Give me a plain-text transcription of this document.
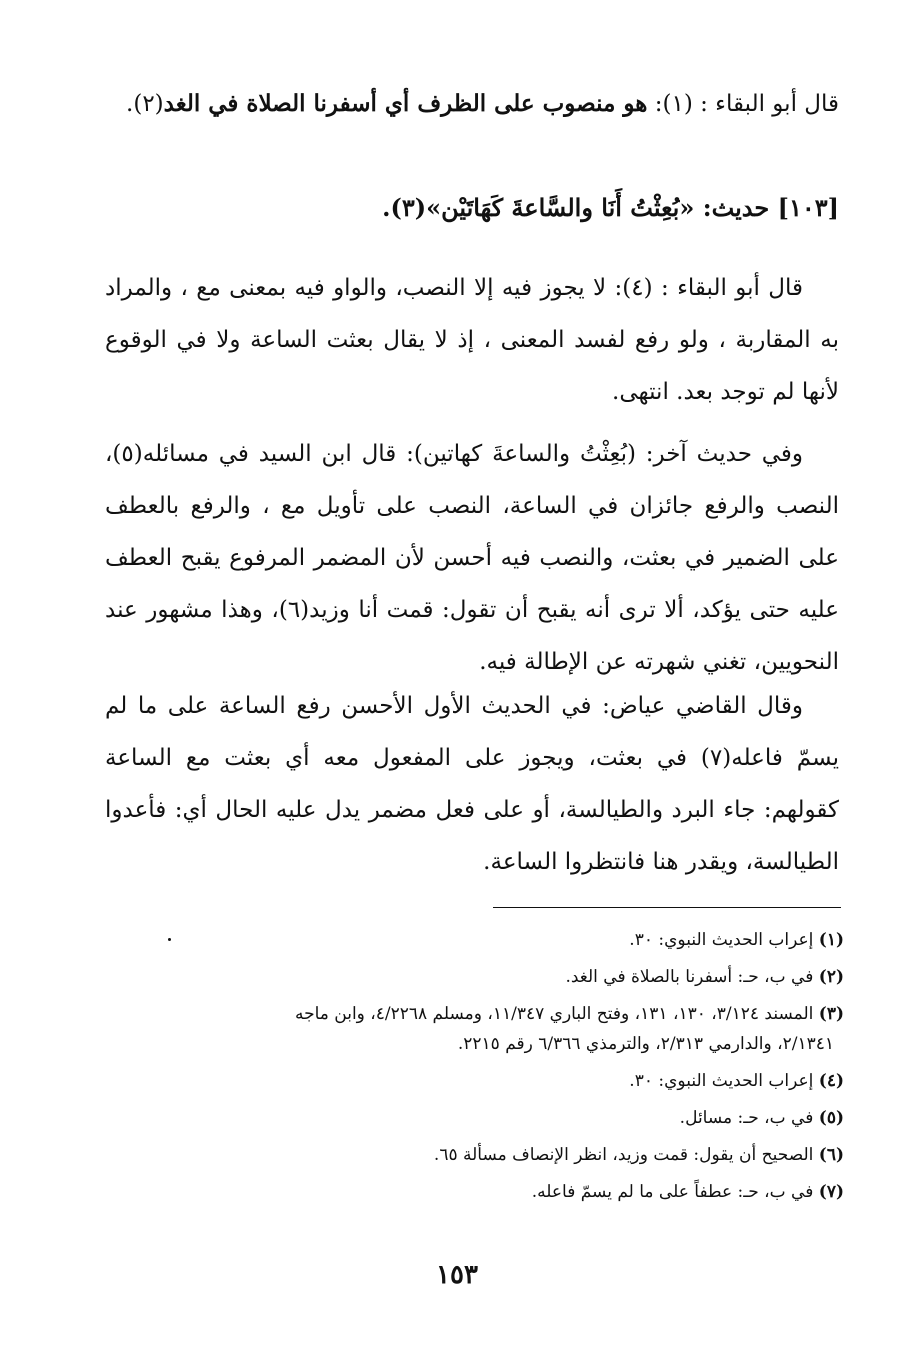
قال أبو البقاء : (١): هو منصوب على الظرف أي أسفرنا الصلاة في الغد(٢).
[١٠٣] حديث: «بُعِثْتُ أَنَا والسَّاعةَ كَهَاتَيْن»(٣).
قال أبو البقاء : (٤): لا يجوز فيه إلا النصب، والواو فيه بمعنى مع ، والمراد به المقاربة ، ولو رفع لفسد المعنى ، إذ لا يقال بعثت الساعة ولا في الوقوع لأنها لم توجد بعد. انتهى.
وفي حديث آخر: (بُعِثْتُ والساعةَ كهاتين): قال ابن السيد في مسائله(٥)، النصب والرفع جائزان في الساعة، النصب على تأويل مع ، والرفع بالعطف على الضمير في بعثت، والنصب فيه أحسن لأن المضمر المرفوع يقبح العطف عليه حتى يؤكد، ألا ترى أنه يقبح أن تقول: قمت أنا وزيد(٦)، وهذا مشهور عند النحويين، تغني شهرته عن الإطالة فيه.
وقال القاضي عياض: في الحديث الأول الأحسن رفع الساعة على ما لم يسمّ فاعله(٧) في بعثت، ويجوز على المفعول معه أي بعثت مع الساعة كقولهم: جاء البرد والطيالسة، أو على فعل مضمر يدل عليه الحال أي: فأعدوا الطيالسة، ويقدر هنا فانتظروا الساعة.
(١) إعراب الحديث النبوي: ٣٠.
(٢) في ب، حـ: أسفرنا بالصلاة في الغد.
(٣) المسند ٣/١٢٤، ١٣٠، ١٣١، وفتح الباري ١١/٣٤٧، ومسلم ٤/٢٢٦٨، وابن ماجه
٢/١٣٤١، والدارمي ٢/٣١٣، والترمذي ٦/٣٦٦ رقم ٢٢١٥.
(٤) إعراب الحديث النبوي: ٣٠.
(٥) في ب، حـ: مسائل.
(٦) الصحيح أن يقول: قمت وزيد، انظر الإنصاف مسألة ٦٥.
(٧) في ب، حـ: عطفاً على ما لم يسمّ فاعله.
١٥٣
